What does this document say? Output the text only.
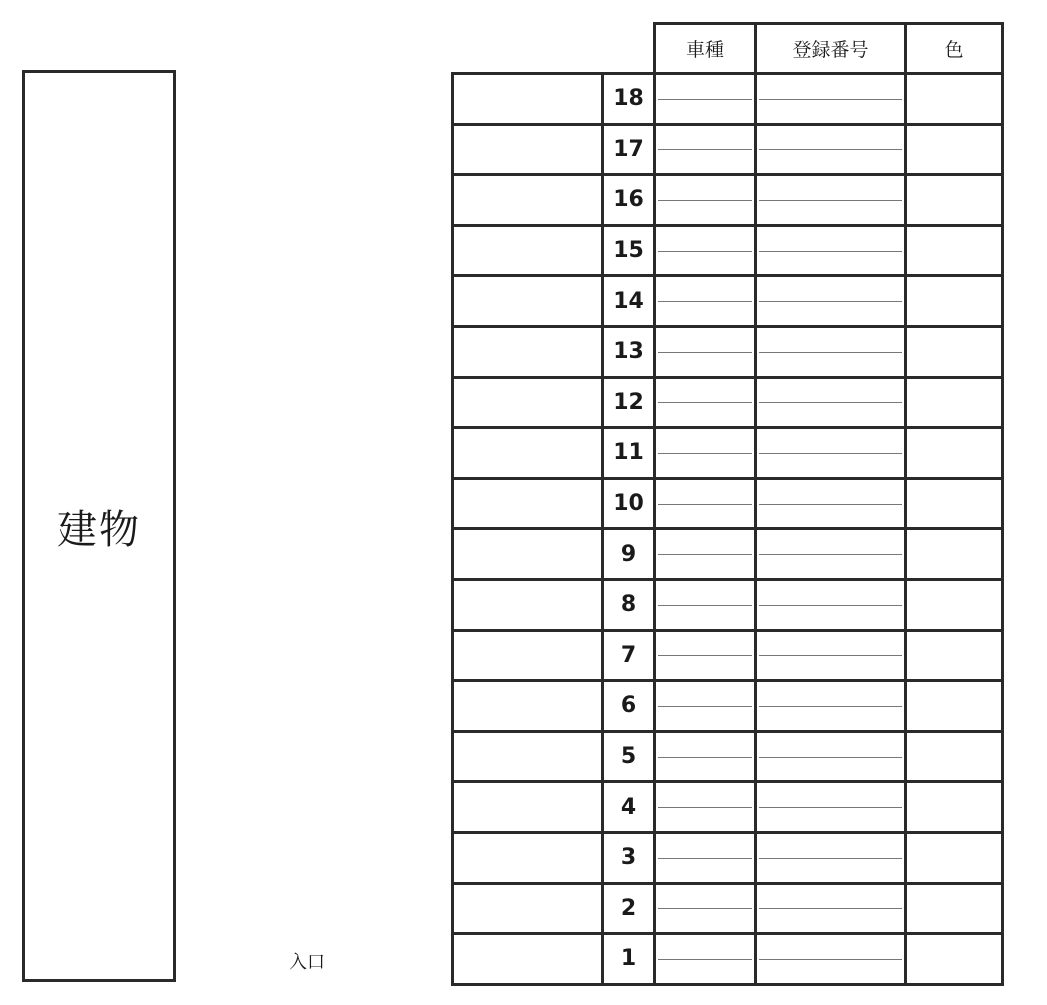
建物
入口
		車種	登録番号	色
	18			
	17			
	16			
	15			
	14			
	13			
	12			
	11			
	10			
	9			
	8			
	7			
	6			
	5			
	4			
	3			
	2			
	1			
